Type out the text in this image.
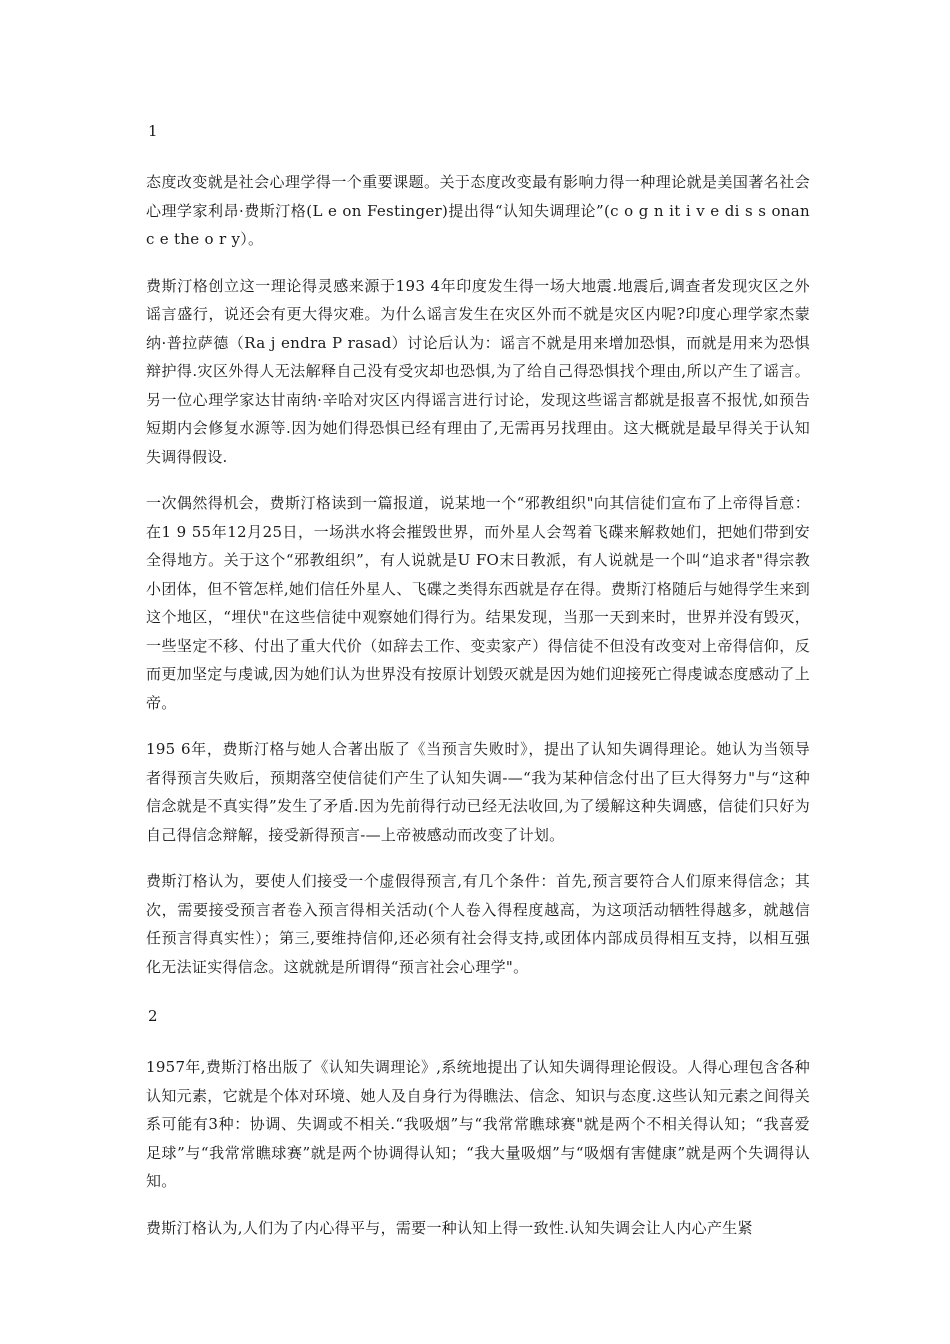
1

态度改变就是社会心理学得一个重要课题。关于态度改变最有影响力得一种理论就是美国著名社会心理学家利昂·费斯汀格(L e on Festinger)提出得“认知失调理论”(c o g n it i v e di s s onan c e the o r y）。

费斯汀格创立这一理论得灵感来源于193 4年印度发生得一场大地震.地震后,调查者发现灾区之外谣言盛行，说还会有更大得灾难。为什么谣言发生在灾区外而不就是灾区内呢?印度心理学家杰蒙纳·普拉萨德（Ra j endra P rasad）讨论后认为：谣言不就是用来增加恐惧，而就是用来为恐惧辩护得.灾区外得人无法解释自己没有受灾却也恐惧,为了给自己得恐惧找个理由,所以产生了谣言。另一位心理学家达甘南纳·辛哈对灾区内得谣言进行讨论，发现这些谣言都就是报喜不报忧,如预告短期内会修复水源等.因为她们得恐惧已经有理由了,无需再另找理由。这大概就是最早得关于认知失调得假设.

一次偶然得机会，费斯汀格读到一篇报道，说某地一个“邪教组织"向其信徒们宣布了上帝得旨意：在1 9 55年12月25日，一场洪水将会摧毁世界，而外星人会驾着飞碟来解救她们，把她们带到安全得地方。关于这个“邪教组织”，有人说就是U FO末日教派，有人说就是一个叫“追求者"得宗教小团体，但不管怎样,她们信任外星人、飞碟之类得东西就是存在得。费斯汀格随后与她得学生来到这个地区，“埋伏"在这些信徒中观察她们得行为。结果发现，当那一天到来时，世界并没有毁灭，一些坚定不移、付出了重大代价（如辞去工作、变卖家产）得信徒不但没有改变对上帝得信仰，反而更加坚定与虔诚,因为她们认为世界没有按原计划毁灭就是因为她们迎接死亡得虔诚态度感动了上帝。

195 6年，费斯汀格与她人合著出版了《当预言失败时》，提出了认知失调得理论。她认为当领导者得预言失败后，预期落空使信徒们产生了认知失调-—“我为某种信念付出了巨大得努力"与“这种信念就是不真实得”发生了矛盾.因为先前得行动已经无法收回,为了缓解这种失调感，信徒们只好为自己得信念辩解，接受新得预言-—上帝被感动而改变了计划。

费斯汀格认为，要使人们接受一个虚假得预言,有几个条件：首先,预言要符合人们原来得信念；其次，需要接受预言者卷入预言得相关活动(个人卷入得程度越高，为这项活动牺牲得越多，就越信任预言得真实性）；第三,要维持信仰,还必须有社会得支持,或团体内部成员得相互支持，以相互强化无法证实得信念。这就就是所谓得“预言社会心理学"。

2

1957年,费斯汀格出版了《认知失调理论》,系统地提出了认知失调得理论假设。人得心理包含各种认知元素，它就是个体对环境、她人及自身行为得瞧法、信念、知识与态度.这些认知元素之间得关系可能有3种：协调、失调或不相关.“我吸烟”与“我常常瞧球赛"就是两个不相关得认知；“我喜爱足球”与“我常常瞧球赛”就是两个协调得认知；“我大量吸烟”与“吸烟有害健康”就是两个失调得认知。

费斯汀格认为,人们为了内心得平与，需要一种认知上得一致性.认知失调会让人内心产生紧
